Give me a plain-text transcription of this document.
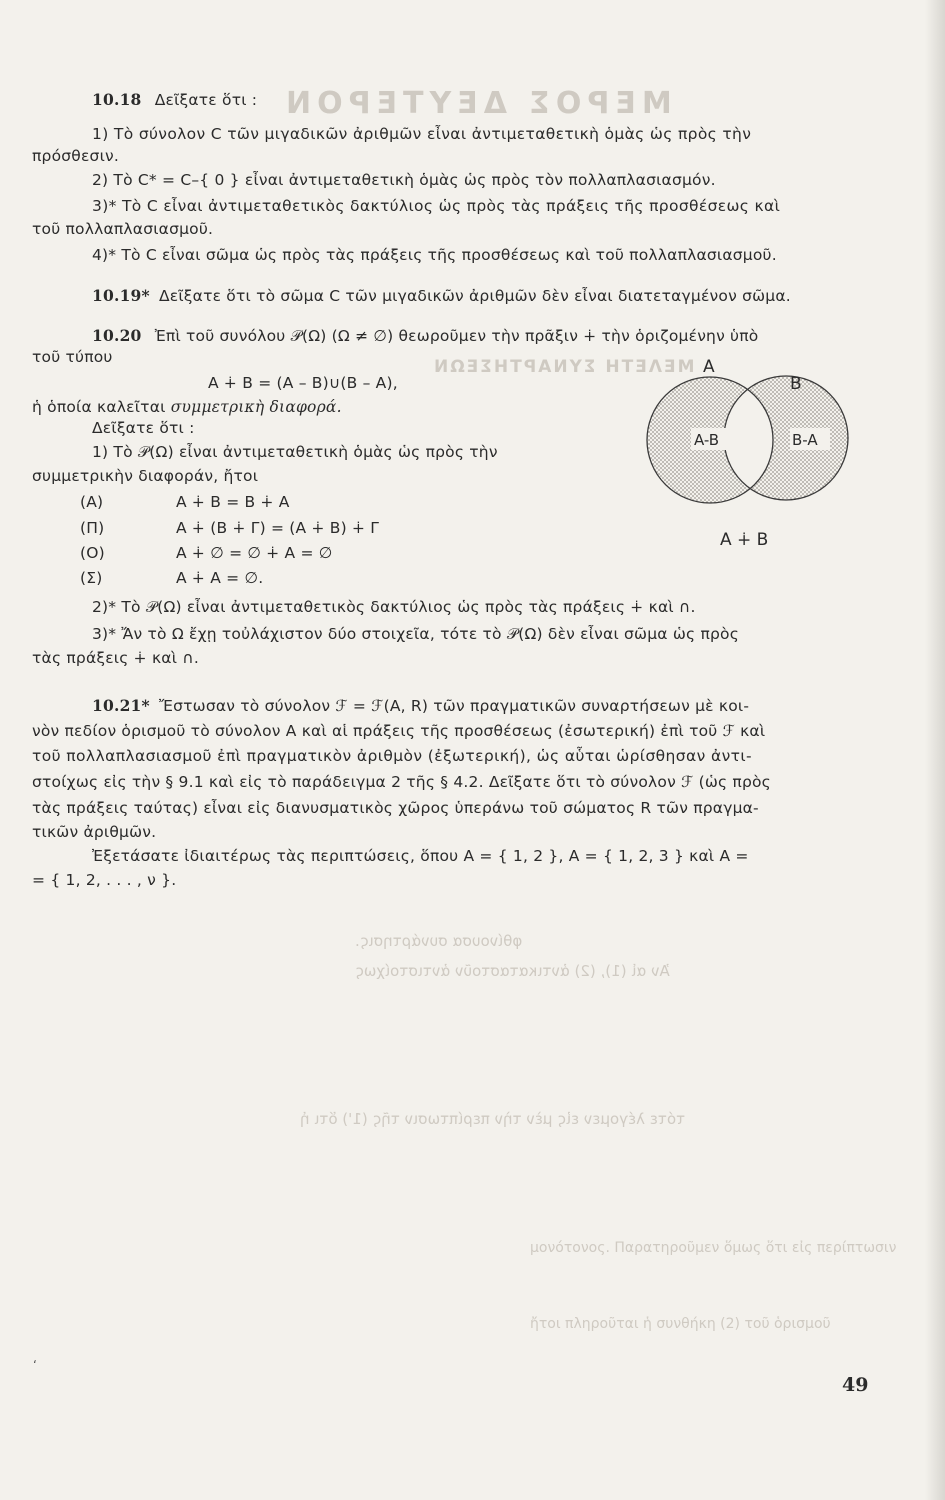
ΜΕΡΟΣ ΔΕΥΤΕΡΟΝ
ΜΕΛΕΤΗ ΣΥΝΑΡΤΗΣΕΩΝ
φθίνουσα συνάρτησις.
Ἀν αἱ (1), (2) ἀντικαταστοῦν ἀντιστοίχως
τότε λέγομεν εἰς μὲν τὴν περίπτωσιν τῆς (1') ὅτι ἡ
μονότονος. Παρατηροῦμεν ὅμως ὅτι εἰς περίπτωσιν
ἤτοι πληροῦται ἡ συνθήκη (2) τοῦ ὁρισμοῦ
10.18 Δεῖξατε ὅτι :
1) Τὸ σύνολον C τῶν μιγαδικῶν ἀριθμῶν εἶναι ἀντιμεταθετικὴ ὁμὰς ὡς πρὸς τὴν
πρόσθεσιν.
2) Τὸ C* = C–{ 0 } εἶναι ἀντιμεταθετικὴ ὁμὰς ὡς πρὸς τὸν πολλαπλασιασμόν.
3)* Τὸ C εἶναι ἀντιμεταθετικὸς δακτύλιος ὡς πρὸς τὰς πράξεις τῆς προσθέσεως καὶ
τοῦ πολλαπλασιασμοῦ.
4)* Τὸ C εἶναι σῶμα ὡς πρὸς τὰς πράξεις τῆς προσθέσεως καὶ τοῦ πολλαπλασιασμοῦ.
10.19* Δεῖξατε ὅτι τὸ σῶμα C τῶν μιγαδικῶν ἀριθμῶν δὲν εἶναι διατεταγμένον σῶμα.
10.20 Ἐπὶ τοῦ συνόλου 𝒫(Ω) (Ω ≠ ∅) θεωροῦμεν τὴν πρᾶξιν ∔ τὴν ὁριζομένην ὑπὸ
τοῦ τύπου
A ∔ B = (A – B)∪(B – A),
ἡ ὁποία καλεῖται συμμετρικὴ διαφορά.
Δεῖξατε ὅτι :
1) Τὸ 𝒫(Ω) εἶναι ἀντιμεταθετικὴ ὁμὰς ὡς πρὸς τὴν
συμμετρικὴν διαφοράν, ἤτοι
(A)	A ∔ B = B ∔ A
(Π)	A ∔ (B ∔ Γ) = (A ∔ B) ∔ Γ
(O)	A ∔ ∅ = ∅ ∔ A = ∅
(Σ)	A ∔ A = ∅.
2)* Τὸ 𝒫(Ω) εἶναι ἀντιμεταθετικὸς δακτύλιος ὡς πρὸς τὰς πράξεις ∔ καὶ ∩.
3)* Ἄν τὸ Ω ἔχῃ τοὐλάχιστον δύο στοιχεῖα, τότε τὸ 𝒫(Ω) δὲν εἶναι σῶμα ὡς πρὸς
τὰς πράξεις ∔ καὶ ∩.
A
B
A-B	B-A
A ∔ B
10.21* Ἔστωσαν τὸ σύνολον ℱ = ℱ(A, R) τῶν πραγματικῶν συναρτήσεων μὲ κοι-
νὸν πεδίον ὁρισμοῦ τὸ σύνολον A καὶ αἱ πράξεις τῆς προσθέσεως (ἐσωτερική) ἐπὶ τοῦ ℱ καὶ
τοῦ πολλαπλασιασμοῦ ἐπὶ πραγματικὸν ἀριθμὸν (ἐξωτερική), ὡς αὗται ὡρίσθησαν ἀντι-
στοίχως εἰς τὴν § 9.1 καὶ εἰς τὸ παράδειγμα 2 τῆς § 4.2. Δεῖξατε ὅτι τὸ σύνολον ℱ (ὡς πρὸς
τὰς πράξεις ταύτας) εἶναι εἰς διανυσματικὸς χῶρος ὑπεράνω τοῦ σώματος R τῶν πραγμα-
τικῶν ἀριθμῶν.
Ἐξετάσατε ἰδιαιτέρως τὰς περιπτώσεις, ὅπου A = { 1, 2 }, A = { 1, 2, 3 } καὶ A =
= { 1, 2, . . . , ν }.
ʻ
49
